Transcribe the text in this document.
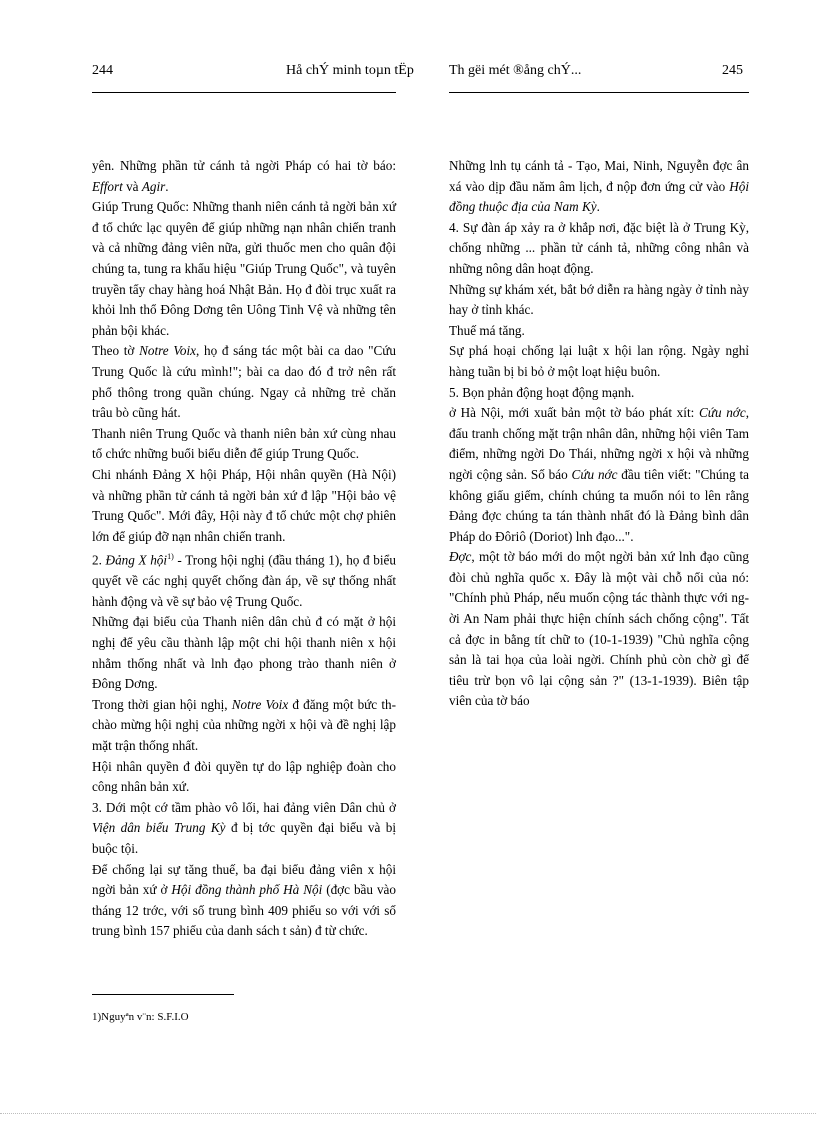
244	Hå chÝ minh toµn tËp	Th gëi mét ®ång chÝ...	245

yên. Những phần tử cánh tả ngời Pháp có hai tờ báo: Effort và Agir.

Giúp Trung Quốc: Những thanh niên cánh tả ngời bản xứ đ tổ chức lạc quyên để giúp những nạn nhân chiến tranh và cả những đảng viên nữa, gửi thuốc men cho quân đội chúng ta, tung ra khẩu hiệu "Giúp Trung Quốc", và tuyên truyền tẩy chay hàng hoá Nhật Bản. Họ đ đòi trục xuất ra khỏi lnh thổ Đông Dơng tên Uông Tinh Vệ và những tên phản bội khác.

Theo tờ Notre Voix, họ đ sáng tác một bài ca dao "Cứu Trung Quốc là cứu mình!"; bài ca dao đó đ trở nên rất phổ thông trong quần chúng. Ngay cả những trẻ chăn trâu bò cũng hát.

Thanh niên Trung Quốc và thanh niên bản xứ cùng nhau tổ chức những buổi biểu diễn để giúp Trung Quốc.

Chi nhánh Đảng X hội Pháp, Hội nhân quyền (Hà Nội) và những phần tử cánh tả ngời bản xứ đ lập "Hội bảo vệ Trung Quốc". Mới đây, Hội này đ tổ chức một chợ phiên lớn để giúp đỡ nạn nhân chiến tranh.

2. Đảng X hội$^{1)}$ - Trong hội nghị (đầu tháng 1), họ đ biểu quyết về các nghị quyết chống đàn áp, về sự thống nhất hành động và về sự bảo vệ Trung Quốc.

Những đại biểu của Thanh niên dân chủ đ có mặt ở hội nghị để yêu cầu thành lập một chi hội thanh niên x hội nhằm thống nhất và lnh đạo phong trào thanh niên ở Đông Dơng.

Trong thời gian hội nghị, Notre Voix đ đăng một bức th chào mừng hội nghị của những ngời x hội và đề nghị lập mặt trận thống nhất.

Hội nhân quyền đ đòi quyền tự do lập nghiệp đoàn cho công nhân bản xứ.

3. Dới một cớ tầm phào vô lối, hai đảng viên Dân chủ ở Viện dân biểu Trung Kỳ đ bị tớc quyền đại biểu và bị buộc tội.

Để chống lại sự tăng thuế, ba đại biểu đảng viên x hội ngời bản xứ ở Hội đồng thành phố Hà Nội (đợc bầu vào tháng 12 trớc, với số trung bình 409 phiếu so với với số trung bình 157 phiếu của danh sách t sản) đ từ chức.

Những lnh tụ cánh tả - Tạo, Mai, Ninh, Nguyễn đợc ân xá vào dịp đầu năm âm lịch, đ nộp đơn ứng cử vào Hội đồng thuộc địa của Nam Kỳ.

4. Sự đàn áp xảy ra ở khắp nơi, đặc biệt là ở Trung Kỳ, chống những ... phần tử cánh tả, những công nhân và những nông dân hoạt động.

Những sự khám xét, bắt bớ diễn ra hàng ngày ở tỉnh này hay ở tỉnh khác.

Thuế má tăng.

Sự phá hoại chống lại luật x hội lan rộng. Ngày nghỉ hàng tuần bị bi bỏ ở một loạt hiệu buôn.

5. Bọn phản động hoạt động mạnh.

ở Hà Nội, mới xuất bản một tờ báo phát xít: Cứu nớc, đấu tranh chống mặt trận nhân dân, những hội viên Tam điểm, những ngời Do Thái, những ngời x hội và những ngời cộng sản. Số báo Cứu nớc đầu tiên viết: "Chúng ta không giấu giếm, chính chúng ta muốn nói to lên rằng Đảng đợc chúng ta tán thành nhất đó là Đảng bình dân Pháp do Đôriô (Doriot) lnh đạo...".

Đợc, một tờ báo mới do một ngời bản xứ lnh đạo cũng đòi chủ nghĩa quốc x. Đây là một vài chỗ nổi của nó: "Chính phủ Pháp, nếu muốn cộng tác thành thực với ngời An Nam phải thực hiện chính sách chống cộng". Tất cả đợc in bằng tít chữ to (10-1-1939) "Chủ nghĩa cộng sản là tai họa của loài ngời. Chính phủ còn chờ gì để tiêu trừ bọn vô lại cộng sản ?" (13-1-1939). Biên tập viên của tờ báo

1)Nguyªn v¨n: S.F.I.O
